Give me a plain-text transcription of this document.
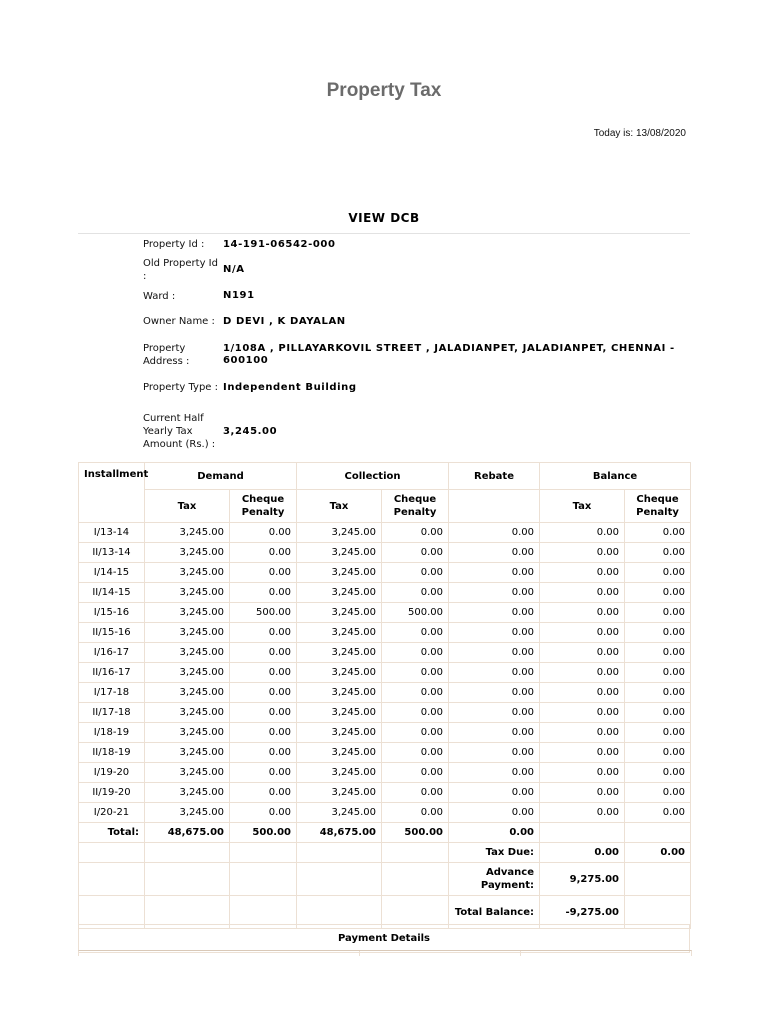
Property Tax
Today is: 13/08/2020
VIEW DCB
Property Id :	14-191-06542-000
Old Property Id :	N/A
Ward :	N191
Owner Name :	D DEVI , K DAYALAN
Property Address :	1/108A , PILLAYARKOVIL STREET , JALADIANPET, JALADIANPET, CHENNAI - 600100
Property Type :	Independent Building
Current Half Yearly Tax Amount (Rs.) :	3,245.00
Installment	Demand		Collection		Rebate	Balance	
	Tax	Cheque Penalty	Tax	Cheque Penalty		Tax	Cheque Penalty
I/13-14	3,245.00	0.00	3,245.00	0.00	0.00	0.00	0.00
II/13-14	3,245.00	0.00	3,245.00	0.00	0.00	0.00	0.00
I/14-15	3,245.00	0.00	3,245.00	0.00	0.00	0.00	0.00
II/14-15	3,245.00	0.00	3,245.00	0.00	0.00	0.00	0.00
I/15-16	3,245.00	500.00	3,245.00	500.00	0.00	0.00	0.00
II/15-16	3,245.00	0.00	3,245.00	0.00	0.00	0.00	0.00
I/16-17	3,245.00	0.00	3,245.00	0.00	0.00	0.00	0.00
II/16-17	3,245.00	0.00	3,245.00	0.00	0.00	0.00	0.00
I/17-18	3,245.00	0.00	3,245.00	0.00	0.00	0.00	0.00
II/17-18	3,245.00	0.00	3,245.00	0.00	0.00	0.00	0.00
I/18-19	3,245.00	0.00	3,245.00	0.00	0.00	0.00	0.00
II/18-19	3,245.00	0.00	3,245.00	0.00	0.00	0.00	0.00
I/19-20	3,245.00	0.00	3,245.00	0.00	0.00	0.00	0.00
II/19-20	3,245.00	0.00	3,245.00	0.00	0.00	0.00	0.00
I/20-21	3,245.00	0.00	3,245.00	0.00	0.00	0.00	0.00
Total:	48,675.00	500.00	48,675.00	500.00	0.00		
					Tax Due:	0.00	0.00
					Advance Payment:	9,275.00	
					Total Balance:	-9,275.00	
Payment Details
